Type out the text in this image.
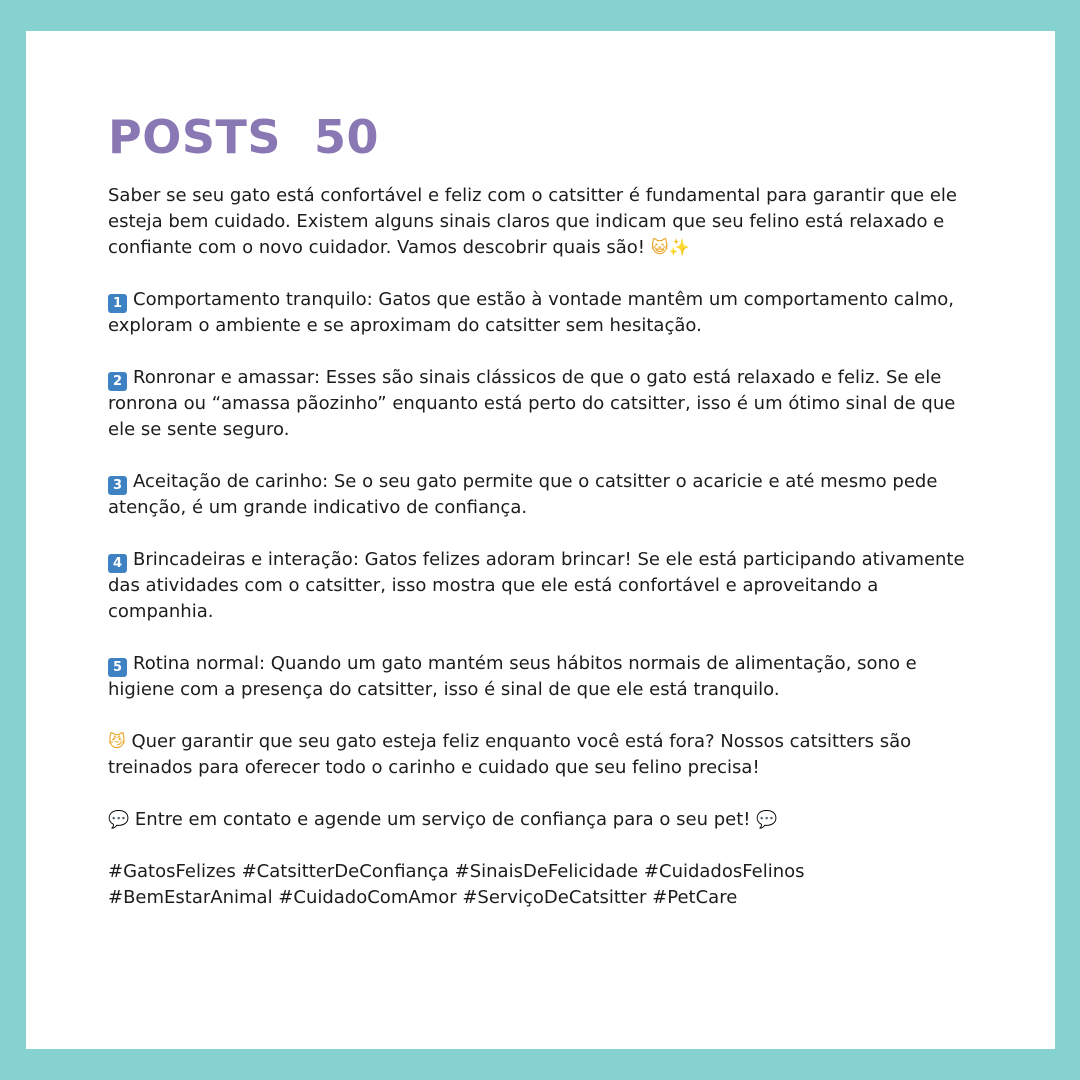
POSTS  50

Saber se seu gato está confortável e feliz com o catsitter é fundamental para garantir que ele esteja bem cuidado. Existem alguns sinais claros que indicam que seu felino está relaxado e confiante com o novo cuidador. Vamos descobrir quais são! 😺✨

1 Comportamento tranquilo: Gatos que estão à vontade mantêm um comportamento calmo, exploram o ambiente e se aproximam do catsitter sem hesitação.

2 Ronronar e amassar: Esses são sinais clássicos de que o gato está relaxado e feliz. Se ele ronrona ou “amassa pãozinho” enquanto está perto do catsitter, isso é um ótimo sinal de que ele se sente seguro.

3 Aceitação de carinho: Se o seu gato permite que o catsitter o acaricie e até mesmo pede atenção, é um grande indicativo de confiança.

4 Brincadeiras e interação: Gatos felizes adoram brincar! Se ele está participando ativamente das atividades com o catsitter, isso mostra que ele está confortável e aproveitando a companhia.

5 Rotina normal: Quando um gato mantém seus hábitos normais de alimentação, sono e higiene com a presença do catsitter, isso é sinal de que ele está tranquilo.

😼 Quer garantir que seu gato esteja feliz enquanto você está fora? Nossos catsitters são treinados para oferecer todo o carinho e cuidado que seu felino precisa!

💬 Entre em contato e agende um serviço de confiança para o seu pet! 💬

#GatosFelizes #CatsitterDeConfiança #SinaisDeFelicidade #CuidadosFelinos
#BemEstarAnimal #CuidadoComAmor #ServiçoDeCatsitter #PetCare
